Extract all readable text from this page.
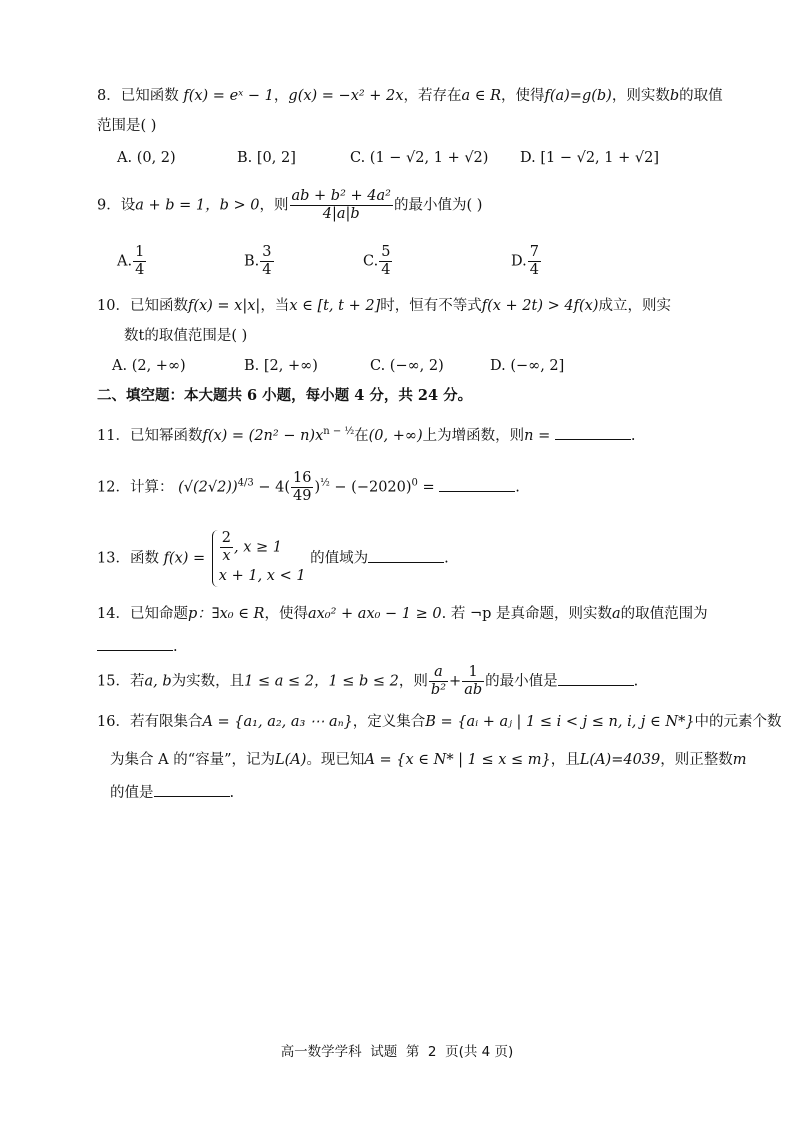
8．已知函数 f(x) = eˣ − 1，g(x) = −x² + 2x，若存在a ∈ R，使得f(a)=g(b)，则实数b的取值
范围是( )
A. (0, 2)	B. [0, 2]	C. (1 − √2, 1 + √2) D. [1 − √2, 1 + √2]
9．设a + b = 1，b > 0，则 $\frac{\text{ab + b² + 4a²}}{4|a|b}$ 的最小值为( )
A. $\frac{1}{4}$	B. $\frac{3}{4}$	C. $\frac{5}{4}$	D. $\frac{7}{4}$
10．已知函数f(x) = x|x|，当x ∈ [t, t + 2]时，恒有不等式f(x + 2t) > 4f(x)成立，则实
数t的取值范围是( )
A. (2, +∞)	B. [2, +∞)	C. (−∞, 2)	D. (−∞, 2]
二、填空题：本大题共 6 小题，每小题 4 分，共 24 分。
11．已知幂函数$f(x) = (2n^2 - n)x^{n - \frac{1}{2}}$在(0, +∞)上为增函数，则n =	.
12．计算： $(√(2√2))^{4/3} - 4( \frac{16}{49} )^{\frac{1}{2}} - (-2020)^0$ =	.
13．函数 $f(x) = \frac{2}{x}$ , x ≥ 1
x + 1, x < 1
的值域为	.
14．已知命题p：∃x₀ ∈ R，使得ax₀² + ax₀ − 1 ≥ 0. 若 ¬p 是真命题，则实数a的取值范围为
.
15．若a, b为实数，且1 ≤ a ≤ 2，1 ≤ b ≤ 2，则 $\frac{a}{\text{b²}} + \frac{1}{ab}$ 的最小值是	.
16．若有限集合A = {a₁, a₂, a₃ ⋯ aₙ}，定义集合B = {aᵢ + aⱼ | 1 ≤ i < j ≤ n, i, j ∈ N*}中的元素个数
为集合 A 的“容量”，记为L(A)。现已知A = {x ∈ N* | 1 ≤ x ≤ m}，且L(A)=4039，则正整数m
的值是	.
高一数学学科  试题  第  2  页(共 4 页)
